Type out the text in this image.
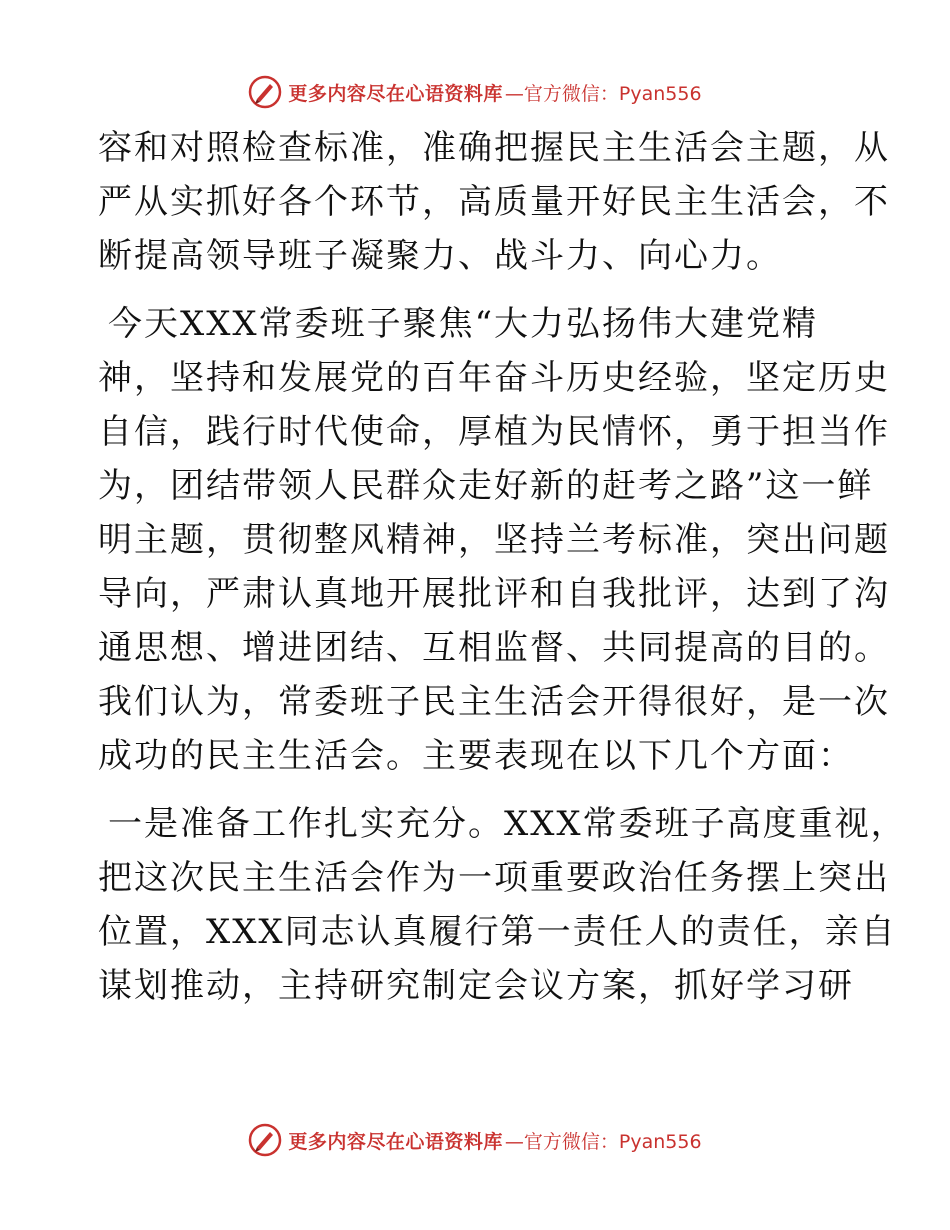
更多内容尽在心语资料库 —官方微信：Pyan556
容和对照检查标准，准确把握民主生活会主题，从
严从实抓好各个环节，高质量开好民主生活会，不
断提高领导班子凝聚力、战斗力、向心力。
今天XXX常委班子聚焦“大力弘扬伟大建党精
神，坚持和发展党的百年奋斗历史经验，坚定历史
自信，践行时代使命，厚植为民情怀，勇于担当作
为，团结带领人民群众走好新的赶考之路”这一鲜
明主题，贯彻整风精神，坚持兰考标准，突出问题
导向，严肃认真地开展批评和自我批评，达到了沟
通思想、增进团结、互相监督、共同提高的目的。
我们认为，常委班子民主生活会开得很好，是一次
成功的民主生活会。主要表现在以下几个方面：
一是准备工作扎实充分。XXX常委班子高度重视，
把这次民主生活会作为一项重要政治任务摆上突出
位置，XXX同志认真履行第一责任人的责任，亲自
谋划推动，主持研究制定会议方案，抓好学习研
更多内容尽在心语资料库 —官方微信：Pyan556
